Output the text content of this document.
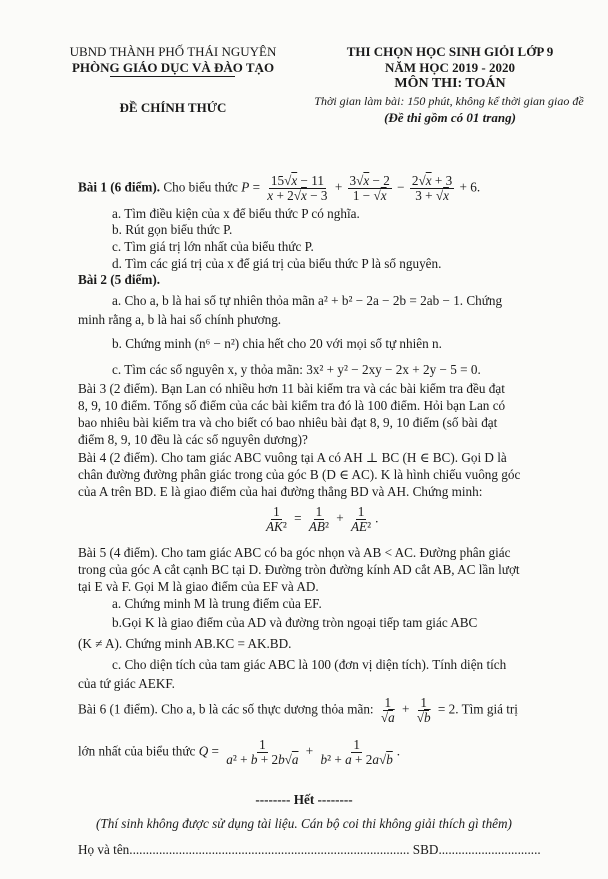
UBND THÀNH PHỐ THÁI NGUYÊN
PHÒNG GIÁO DỤC VÀ ĐÀO TẠO
ĐỀ CHÍNH THỨC
THI CHỌN HỌC SINH GIỎI LỚP 9
NĂM HỌC 2019 - 2020
MÔN THI: TOÁN
Thời gian làm bài: 150 phút, không kể thời gian giao đề
(Đề thi gồm có 01 trang)
Bài 1 (6 điểm). Cho biểu thức $P = \frac{15√x - 11}{x + 2√x - 3} + \frac{3√x - 2}{1 - √x} - \frac{2√x + 3}{3 + √x} + 6$.
a. Tìm điều kiện của x để biểu thức P có nghĩa.
b. Rút gọn biểu thức P.
c. Tìm giá trị lớn nhất của biểu thức P.
d. Tìm các giá trị của x để giá trị của biểu thức P là số nguyên.
Bài 2 (5 điểm).
a. Cho a, b là hai số tự nhiên thỏa mãn a² + b² − 2a − 2b = 2ab − 1. Chứng
minh rằng a, b là hai số chính phương.
b. Chứng minh (n⁶ − n²) chia hết cho 20 với mọi số tự nhiên n.
c. Tìm các số nguyên x, y thỏa mãn: 3x² + y² − 2xy − 2x + 2y − 5 = 0.
Bài 3 (2 điểm). Bạn Lan có nhiều hơn 11 bài kiểm tra và các bài kiểm tra đều đạt
8, 9, 10 điểm. Tổng số điểm của các bài kiểm tra đó là 100 điểm. Hỏi bạn Lan có
bao nhiêu bài kiểm tra và cho biết có bao nhiêu bài đạt 8, 9, 10 điểm (số bài đạt
điểm 8, 9, 10 đều là các số nguyên dương)?
Bài 4 (2 điểm). Cho tam giác ABC vuông tại A có AH ⊥ BC (H ∈ BC). Gọi D là
chân đường đường phân giác trong của góc B (D ∈ AC). K là hình chiếu vuông góc
của A trên BD. E là giao điểm của hai đường thẳng BD và AH. Chứng minh:
$\frac{1}{\text{AK²}} = \frac{1}{\text{AB²}} + \frac{1}{\text{AE²}}$ .
Bài 5 (4 điểm). Cho tam giác ABC có ba góc nhọn và AB < AC. Đường phân giác
trong của góc A cắt cạnh BC tại D. Đường tròn đường kính AD cắt AB, AC lần lượt
tại E và F. Gọi M là giao điểm của EF và AD.
a. Chứng minh M là trung điểm của EF.
b.Gọi K là giao điểm của AD và đường tròn ngoại tiếp tam giác ABC
(K ≠ A). Chứng minh AB.KC = AK.BD.
c. Cho diện tích của tam giác ABC là 100 (đơn vị diện tích). Tính diện tích
của tứ giác AEKF.
Bài 6 (1 điểm). Cho a, b là các số thực dương thỏa mãn: $\frac{1}{√a} + \frac{1}{√b} = 2$. Tìm giá trị
lớn nhất của biểu thức $Q = \frac{1}{\text{a² + b + 2b√a}} + \frac{1}{\text{b² + a + 2a√b}}$ .
-------- Hết --------
(Thí sinh không được sử dụng tài liệu. Cán bộ coi thi không giải thích gì thêm)
Họ và tên..................................................................................... SBD...............................
